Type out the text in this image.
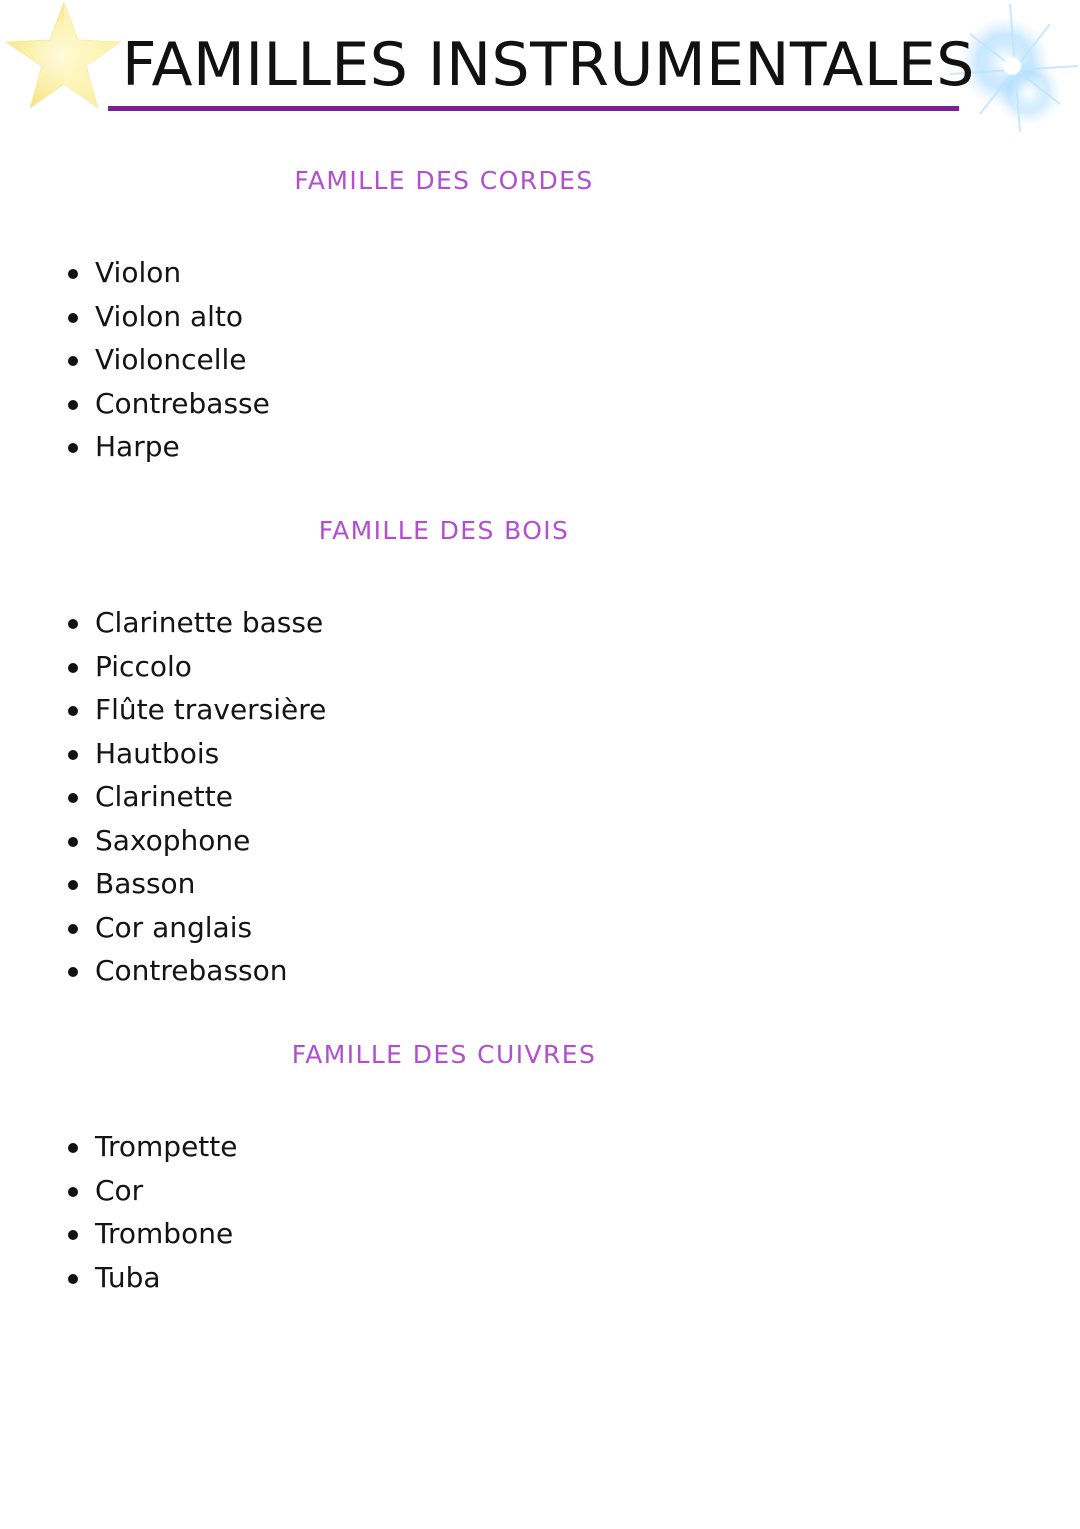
FAMILLES INSTRUMENTALES
FAMILLE DES CORDES
Violon
Violon alto
Violoncelle
Contrebasse
Harpe
FAMILLE DES BOIS
Clarinette basse
Piccolo
Flûte traversière
Hautbois
Clarinette
Saxophone
Basson
Cor anglais
Contrebasson
FAMILLE DES CUIVRES
Trompette
Cor
Trombone
Tuba
